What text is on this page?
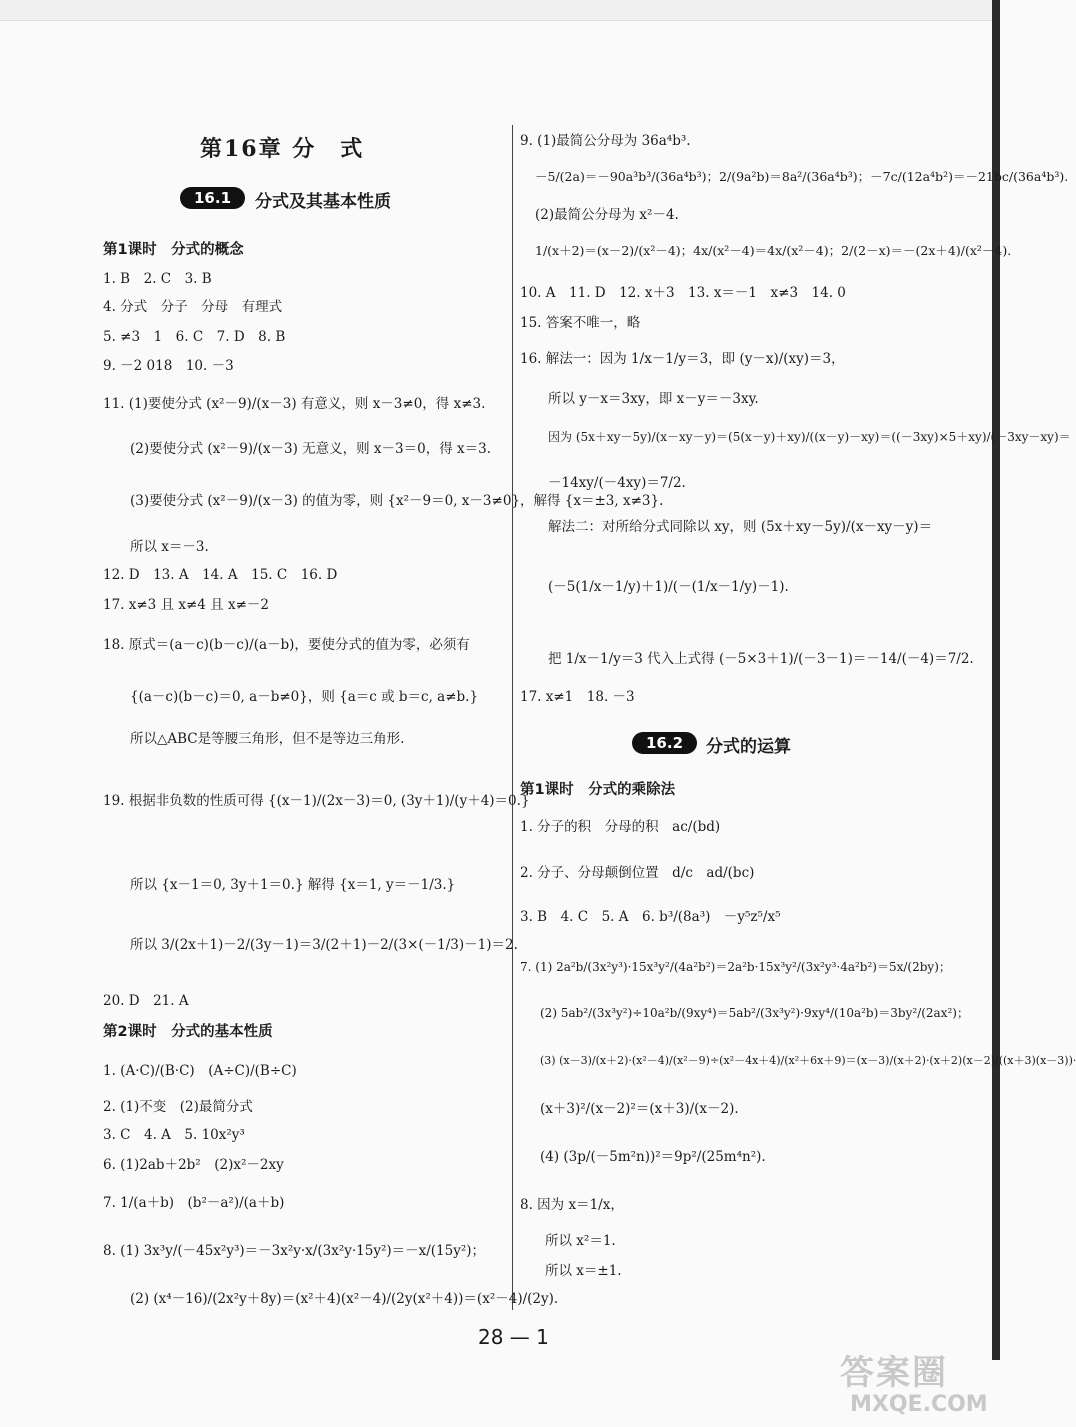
第16章 分　式
16.1	分式及其基本性质
第1课时　分式的概念
1. B　2. C　3. B
4. 分式　分子　分母　有理式
5. ≠3　1　6. C　7. D　8. B
9. －2 018　10. －3
11. (1)要使分式 (x²－9)/(x－3) 有意义，则 x－3≠0，得 x≠3.
(2)要使分式 (x²－9)/(x－3) 无意义，则 x－3＝0，得 x＝3.
(3)要使分式 (x²－9)/(x－3) 的值为零，则 {x²－9＝0, x－3≠0}，解得 {x＝±3, x≠3}.
所以 x＝－3.
12. D　13. A　14. A　15. C　16. D
17. x≠3 且 x≠4 且 x≠－2
18. 原式＝(a－c)(b－c)/(a－b)，要使分式的值为零，必须有
{(a－c)(b－c)＝0, a－b≠0}，则 {a＝c 或 b＝c, a≠b.}
所以△ABC是等腰三角形，但不是等边三角形.
19. 根据非负数的性质可得 {(x－1)/(2x－3)＝0, (3y＋1)/(y＋4)＝0.}
所以 {x－1＝0, 3y＋1＝0.} 解得 {x＝1, y＝－1/3.}
所以 3/(2x＋1)－2/(3y－1)＝3/(2＋1)－2/(3×(－1/3)－1)＝2.
20. D　21. A
第2课时　分式的基本性质
1. (A·C)/(B·C)　(A÷C)/(B÷C)
2. (1)不变　(2)最简分式
3. C　4. A　5. 10x²y³
6. (1)2ab＋2b²　(2)x²－2xy
7. 1/(a＋b)　(b²－a²)/(a＋b)
8. (1) 3x³y/(－45x²y³)＝－3x²y·x/(3x²y·15y²)＝－x/(15y²)；
(2) (x⁴－16)/(2x²y＋8y)＝(x²＋4)(x²－4)/(2y(x²＋4))＝(x²－4)/(2y).
9. (1)最简公分母为 36a⁴b³.
－5/(2a)＝－90a³b³/(36a⁴b³)；2/(9a²b)＝8a²/(36a⁴b³)；－7c/(12a⁴b²)＝－21bc/(36a⁴b³).
(2)最简公分母为 x²－4.
1/(x＋2)＝(x－2)/(x²－4)；4x/(x²－4)＝4x/(x²－4)；2/(2－x)＝－(2x＋4)/(x²－4).
10. A　11. D　12. x＋3　13. x＝－1　x≠3　14. 0
15. 答案不唯一，略
16. 解法一：因为 1/x－1/y＝3，即 (y－x)/(xy)＝3，
所以 y－x＝3xy，即 x－y＝－3xy.
因为 (5x＋xy－5y)/(x－xy－y)＝(5(x－y)＋xy)/((x－y)－xy)＝((－3xy)×5＋xy)/(－3xy－xy)＝
－14xy/(－4xy)＝7/2.
解法二：对所给分式同除以 xy，则 (5x＋xy－5y)/(x－xy－y)＝
(－5(1/x－1/y)＋1)/(－(1/x－1/y)－1).
把 1/x－1/y＝3 代入上式得 (－5×3＋1)/(－3－1)＝－14/(－4)＝7/2.
17. x≠1　18. －3
16.2	分式的运算
第1课时　分式的乘除法
1. 分子的积　分母的积　ac/(bd)
2. 分子、分母颠倒位置　d/c　ad/(bc)
3. B　4. C　5. A　6. b³/(8a³)　－y⁵z⁵/x⁵
7. (1) 2a²b/(3x²y³)·15x³y²/(4a²b²)＝2a²b·15x³y²/(3x²y³·4a²b²)＝5x/(2by)；
(2) 5ab²/(3x³y²)÷10a²b/(9xy⁴)＝5ab²/(3x³y²)·9xy⁴/(10a²b)＝3by²/(2ax²)；
(3) (x－3)/(x＋2)·(x²－4)/(x²－9)÷(x²－4x＋4)/(x²＋6x＋9)＝(x－3)/(x＋2)·(x＋2)(x－2)/((x＋3)(x－3))·
(x＋3)²/(x－2)²＝(x＋3)/(x－2).
(4) (3p/(－5m²n))²＝9p²/(25m⁴n²).
8. 因为 x＝1/x，
所以 x²＝1.
所以 x＝±1.
28 — 1
答案圈
MXQE.COM
